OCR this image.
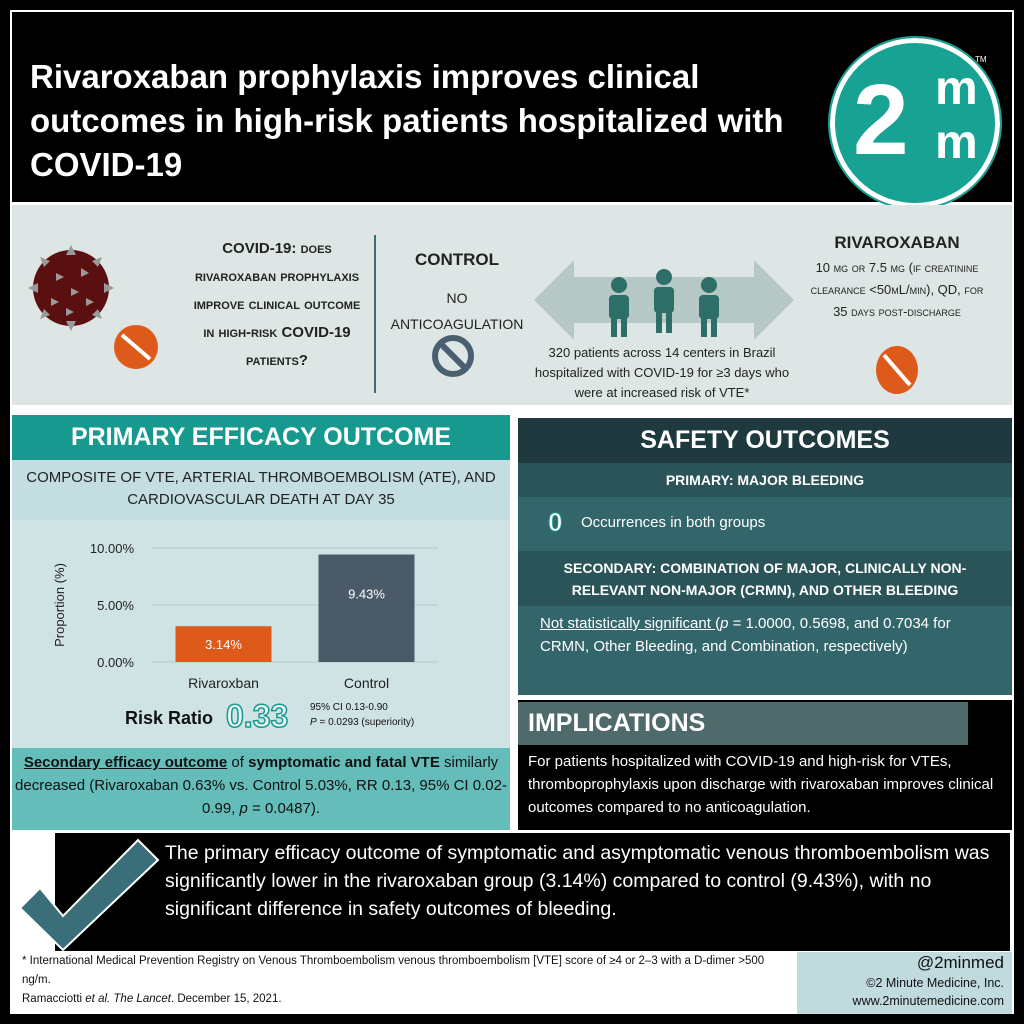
Rivaroxaban prophylaxis improves clinical outcomes in high-risk patients hospitalized with COVID-19	2 m
m
TM
COVID-19: does rivaroxaban prophylaxis improve clinical outcome in high-risk COVID-19 patients?
CONTROL
NO ANTICOAGULATION
320 patients across 14 centers in Brazil hospitalized with COVID-19 for ≥3 days who were at increased risk of VTE*
RIVAROXABAN
10 mg or 7.5 mg (if creatinine clearance <50mL/min), QD, for 35 days post-discharge
PRIMARY EFFICACY OUTCOME
COMPOSITE OF VTE, ARTERIAL THROMBOEMBOLISM (ATE), AND CARDIOVASCULAR DEATH AT DAY 35
0.00%
5.00%
10.00%
Proportion (%)	3.14%
Rivaroxban
9.43%
Control
Risk Ratio 0.33 95% CI 0.13-0.90
P = 0.0293 (superiority)
Secondary efficacy outcome of symptomatic and fatal VTE similarly decreased (Rivaroxaban 0.63% vs. Control 5.03%, RR 0.13, 95% CI 0.02-0.99, p = 0.0487).
SAFETY OUTCOMES
PRIMARY: MAJOR BLEEDING
0 Occurrences in both groups
SECONDARY: COMBINATION OF MAJOR, CLINICALLY NON-RELEVANT NON-MAJOR (CRMN), AND OTHER BLEEDING
Not statistically significant (p = 1.0000, 0.5698, and 0.7034 for CRMN, Other Bleeding, and Combination, respectively)
IMPLICATIONS
For patients hospitalized with COVID-19 and high-risk for VTEs, thromboprophylaxis upon discharge with rivaroxaban improves clinical outcomes compared to no anticoagulation.
The primary efficacy outcome of symptomatic and asymptomatic venous thromboembolism was significantly lower in the rivaroxaban group (3.14%) compared to control (9.43%), with no significant difference in safety outcomes of bleeding.
* International Medical Prevention Registry on Venous Thromboembolism venous thromboembolism [VTE] score of ≥4 or 2–3 with a D-dimer >500 ng/m.
Ramacciotti et al. The Lancet. December 15, 2021.
@2minmed
©2 Minute Medicine, Inc.
www.2minutemedicine.com
